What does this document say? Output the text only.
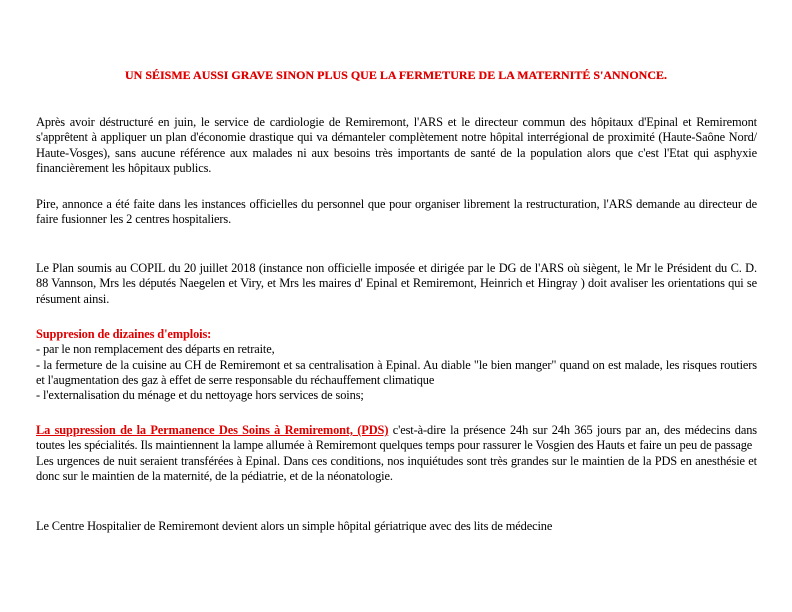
UN SÉISME AUSSI GRAVE SINON PLUS QUE LA FERMETURE DE LA MATERNITÉ S'ANNONCE.

Après avoir déstructuré en juin, le service de cardiologie de Remiremont, l'ARS et le directeur commun des hôpitaux d'Epinal et Remiremont s'apprêtent à appliquer un plan d'économie drastique qui va démanteler complètement notre hôpital interrégional de proximité (Haute-Saône Nord/ Haute-Vosges), sans aucune référence aux malades ni aux besoins très importants de santé de la population alors que c'est l'Etat qui asphyxie financièrement les hôpitaux publics.

Pire, annonce a été faite dans les instances officielles du personnel que pour organiser librement la restructuration, l'ARS demande au directeur de faire fusionner les 2 centres hospitaliers.

Le Plan soumis au COPIL du 20 juillet 2018 (instance non officielle imposée et dirigée par le DG de l'ARS où siègent, le Mr le Président du C. D. 88 Vannson, Mrs les députés Naegelen et Viry, et Mrs les maires d' Epinal et Remiremont, Heinrich et Hingray ) doit avaliser les orientations qui se résument ainsi.

Suppresion de dizaines d'emplois:

- par le non remplacement des départs en retraite,

- la fermeture de la cuisine au CH de Remiremont et sa centralisation à Epinal. Au diable "le bien manger" quand on est malade, les risques routiers et l'augmentation des gaz à effet de serre responsable du réchauffement climatique

- l'externalisation du ménage et du nettoyage hors services de soins;

La suppression de la Permanence Des Soins à Remiremont, (PDS) c'est-à-dire la présence 24h sur 24h 365 jours par an, des médecins dans toutes les spécialités. Ils maintiennent la lampe allumée à Remiremont quelques temps pour rassurer le Vosgien des Hauts et faire un peu de passage

Les urgences de nuit seraient transférées à Epinal. Dans ces conditions, nos inquiétudes sont très grandes sur le maintien de la PDS en anesthésie et donc sur le maintien de la maternité, de la pédiatrie, et de la néonatologie.

Le Centre Hospitalier de Remiremont devient alors un simple hôpital gériatrique avec des lits de médecine
